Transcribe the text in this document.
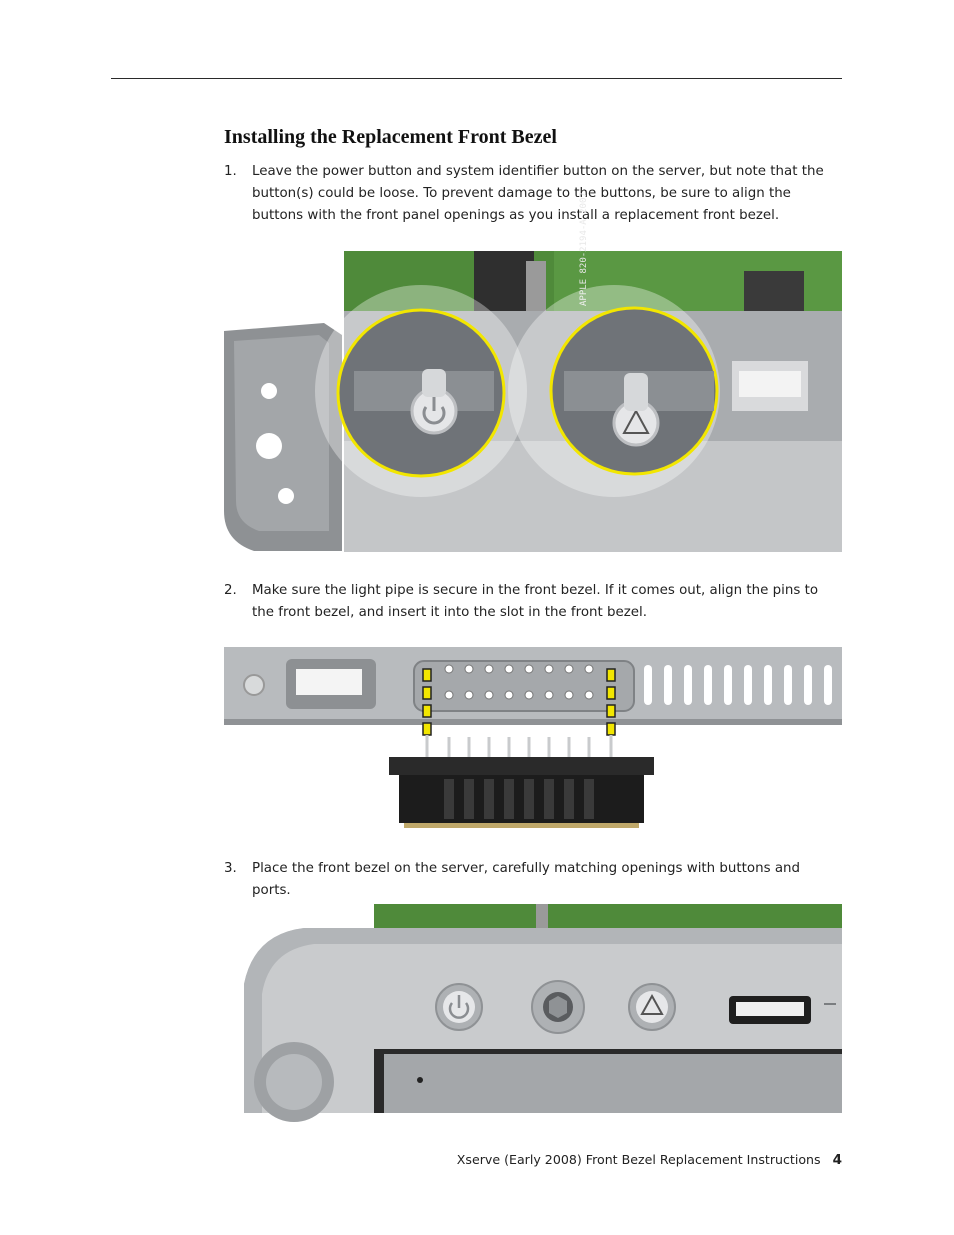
Installing the Replacement Front Bezel
1. Leave the power button and system identifier button on the server, but note that the button(s) could be loose. To prevent damage to the buttons, be sure to align the buttons with the front panel openings as you install a replacement front bezel.
APPLE 820-2194-A 2007
2. Make sure the light pipe is secure in the front bezel. If it comes out, align the pins to the front bezel, and insert it into the slot in the front bezel.
3. Place the front bezel on the server, carefully matching openings with buttons and ports.
Xserve (Early 2008) Front Bezel Replacement Instructions 4
